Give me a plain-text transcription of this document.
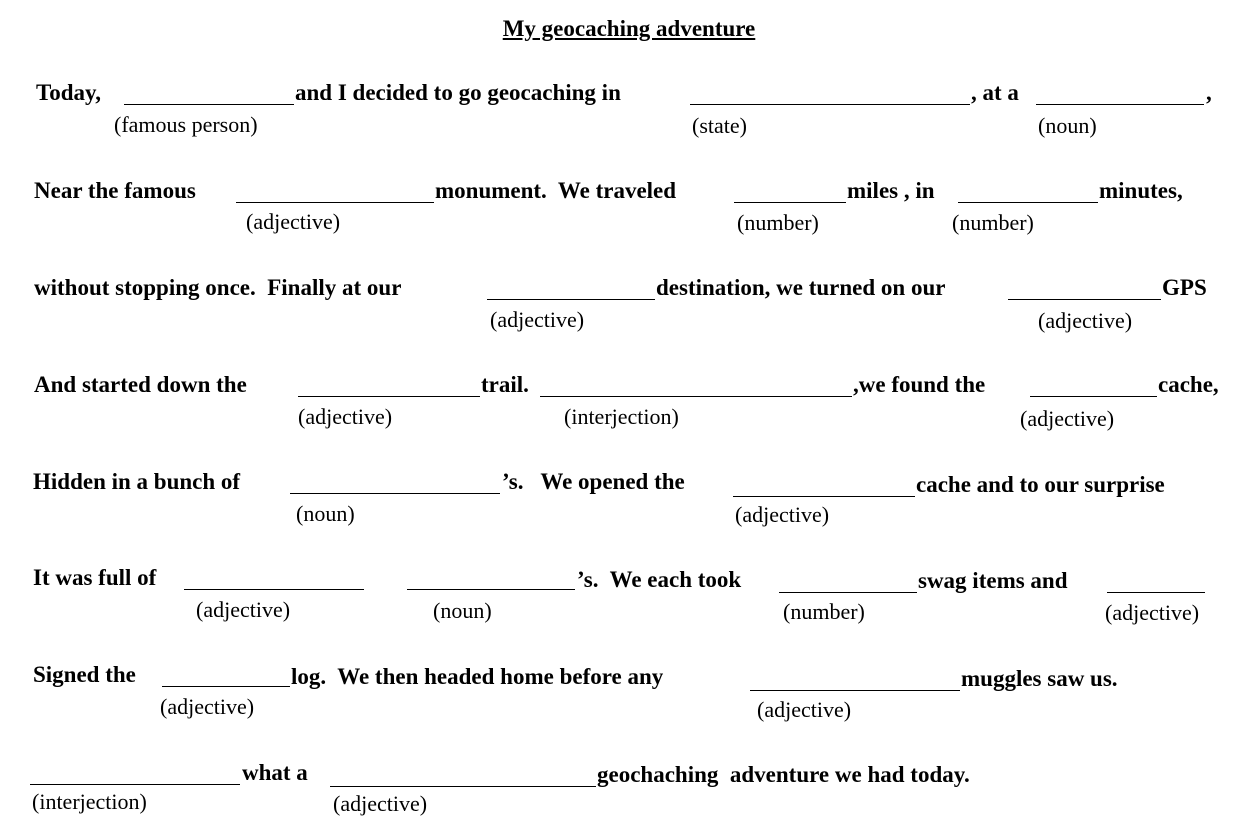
My geocaching adventure
Today,	and I decided to go geocaching in	, at a	,
(famous person)	(state)	(noun)
Near the famous	monument.  We traveled	miles , in	minutes,
(adjective)	(number)	(number)
without stopping once.  Finally at our	destination, we turned on our	GPS
(adjective)	(adjective)
And started down the	trail.	,we found the	cache,
(adjective)	(interjection)	(adjective)
Hidden in a bunch of	’s.   We opened the	cache and to our surprise
(noun)	(adjective)
It was full of	’s.  We each took	swag items and
(adjective)	(noun)	(number)	(adjective)
Signed the	log.  We then headed home before any	muggles saw us.
(adjective)	(adjective)
what a	geochaching  adventure we had today.
(interjection)	(adjective)
